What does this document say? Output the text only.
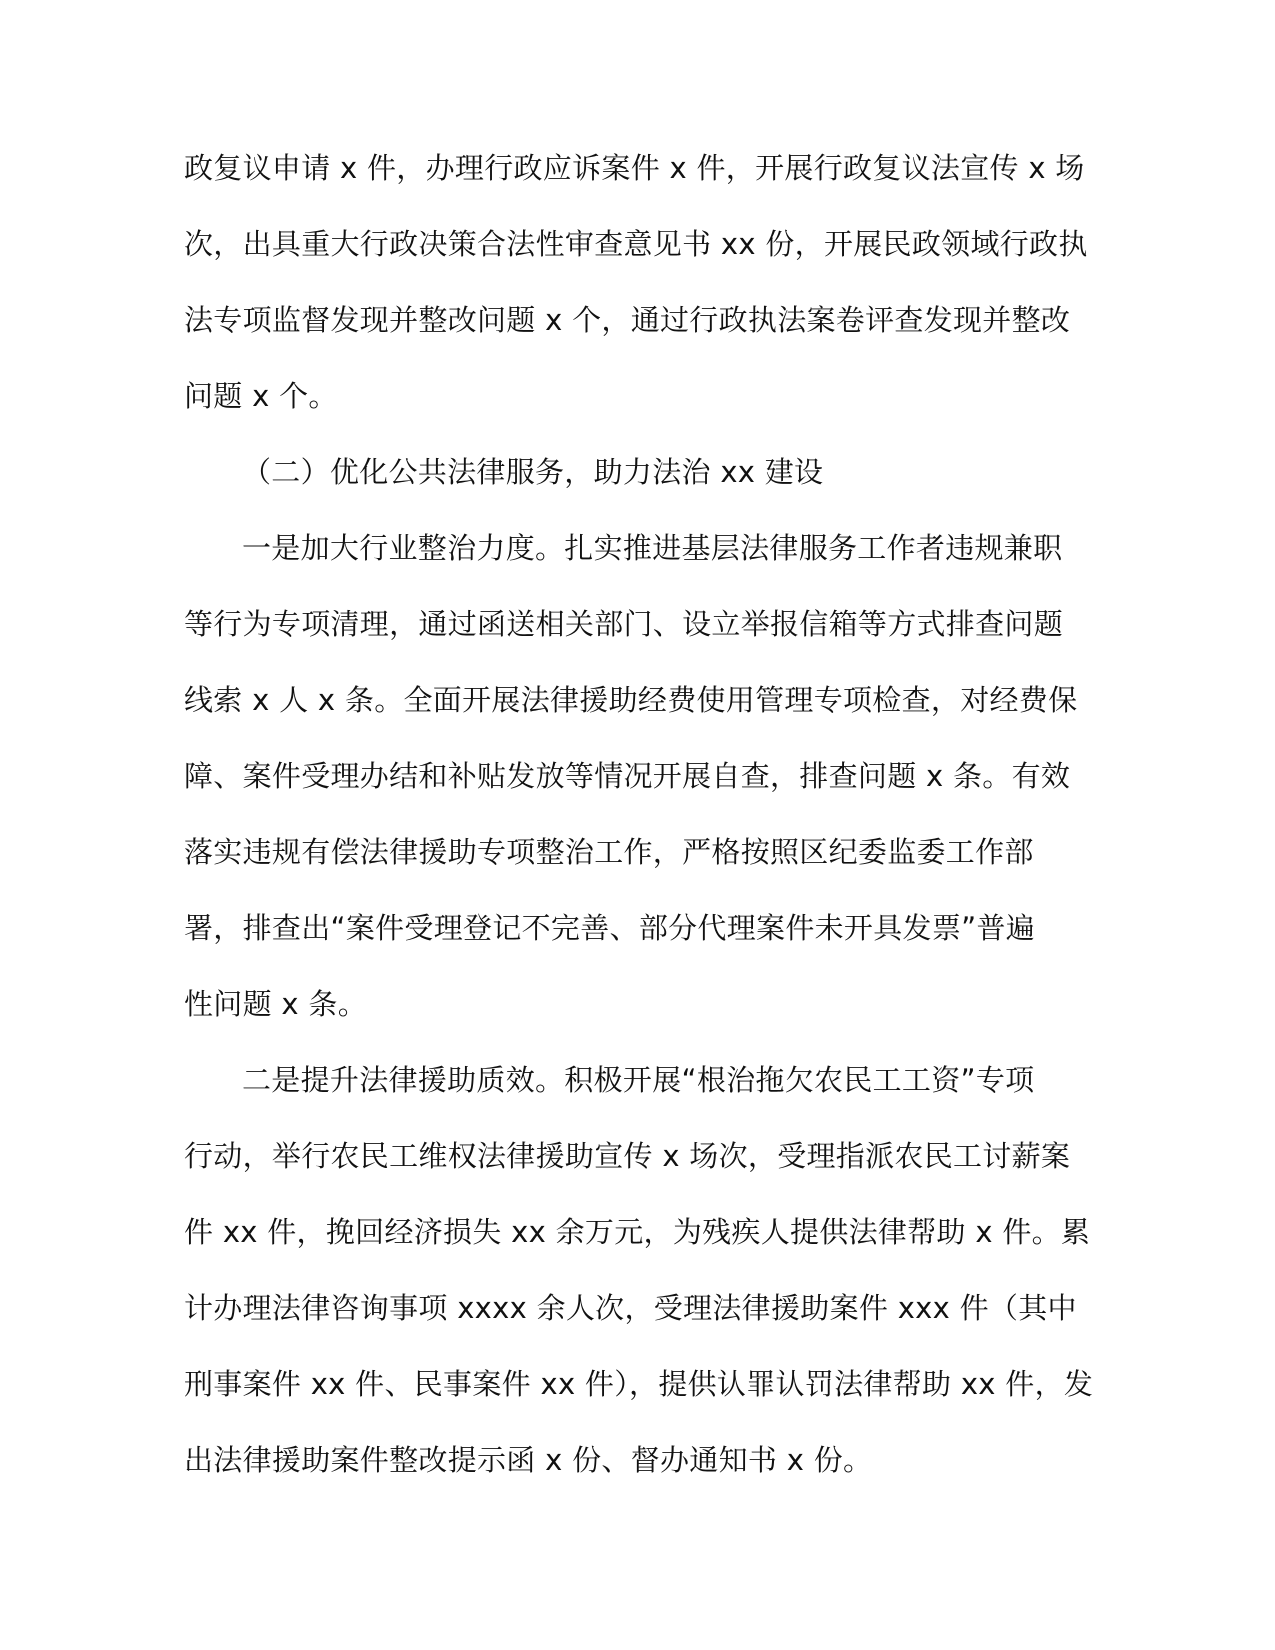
政复议申请 x 件，办理行政应诉案件 x 件，开展行政复议法宣传 x 场
次，出具重大行政决策合法性审查意见书 xx 份，开展民政领域行政执
法专项监督发现并整改问题 x 个，通过行政执法案卷评查发现并整改
问题 x 个。
（二）优化公共法律服务，助力法治 xx 建设
一是加大行业整治力度。扎实推进基层法律服务工作者违规兼职
等行为专项清理，通过函送相关部门、设立举报信箱等方式排查问题
线索 x 人 x 条。全面开展法律援助经费使用管理专项检查，对经费保
障、案件受理办结和补贴发放等情况开展自查，排查问题 x 条。有效
落实违规有偿法律援助专项整治工作，严格按照区纪委监委工作部
署，排查出“案件受理登记不完善、部分代理案件未开具发票”普遍
性问题 x 条。
二是提升法律援助质效。积极开展“根治拖欠农民工工资”专项
行动，举行农民工维权法律援助宣传 x 场次，受理指派农民工讨薪案
件 xx 件，挽回经济损失 xx 余万元，为残疾人提供法律帮助 x 件。累
计办理法律咨询事项 xxxx 余人次，受理法律援助案件 xxx 件（其中
刑事案件 xx 件、民事案件 xx 件），提供认罪认罚法律帮助 xx 件，发
出法律援助案件整改提示函 x 份、督办通知书 x 份。
